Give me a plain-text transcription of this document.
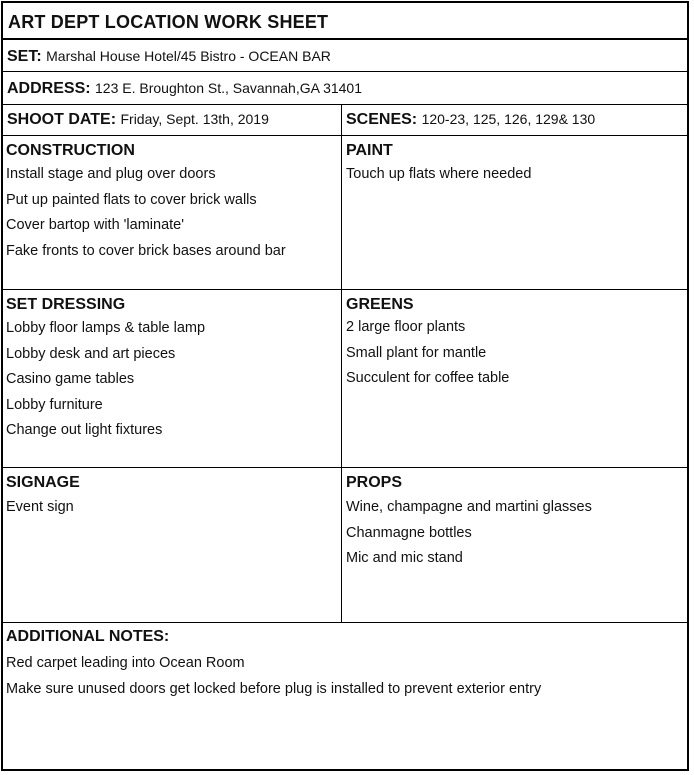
ART DEPT LOCATION WORK SHEET
SET: Marshal House Hotel/45 Bistro - OCEAN BAR
ADDRESS: 123 E. Broughton St., Savannah,GA 31401
SHOOT DATE: Friday, Sept. 13th, 2019	SCENES: 120-23, 125, 126, 129& 130
CONSTRUCTION
Install stage and plug over doors
Put up painted flats to cover brick walls
Cover bartop with 'laminate'
Fake fronts to cover brick bases around bar
PAINT
Touch up flats where needed
SET DRESSING
Lobby floor lamps & table lamp
Lobby desk and art pieces
Casino game tables
Lobby furniture
Change out light fixtures
GREENS
2 large floor plants
Small plant for mantle
Succulent for coffee table
SIGNAGE
Event sign
PROPS
Wine, champagne and martini glasses
Chanmagne bottles
Mic and mic stand
ADDITIONAL NOTES:
Red carpet leading into Ocean Room
Make sure unused doors get locked before plug is installed to prevent exterior entry
